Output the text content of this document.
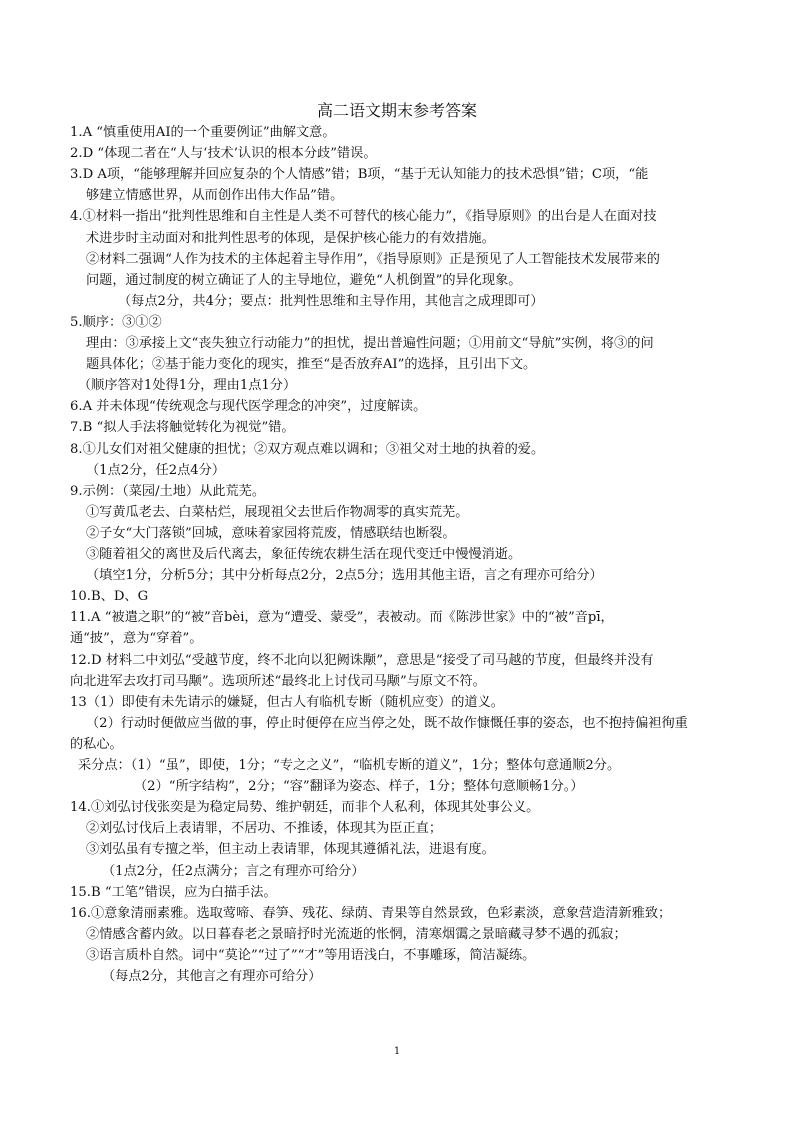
高二语文期末参考答案
1.A “慎重使用AI的一个重要例证”曲解文意。
2.D “体现二者在“人与‘技术’认识的根本分歧”错误。
3.D A项，“能够理解并回应复杂的个人情感”错；B项，“基于无认知能力的技术恐惧”错；C项，“能
够建立情感世界，从而创作出伟大作品”错。
4.①材料一指出“批判性思维和自主性是人类不可替代的核心能力”，《指导原则》的出台是人在面对技
术进步时主动面对和批判性思考的体现，是保护核心能力的有效措施。
②材料二强调“人作为技术的主体起着主导作用”，《指导原则》正是预见了人工智能技术发展带来的
问题，通过制度的树立确证了人的主导地位，避免“人机倒置”的异化现象。
（每点2分，共4分；要点：批判性思维和主导作用，其他言之成理即可）
5.顺序：③①②
理由：③承接上文“丧失独立行动能力”的担忧，提出普遍性问题；①用前文“导航”实例，将③的问
题具体化；②基于能力变化的现实，推至“是否放弃AI”的选择，且引出下文。
（顺序答对1处得1分，理由1点1分）
6.A 并未体现“传统观念与现代医学理念的冲突”，过度解读。
7.B “拟人手法将触觉转化为视觉”错。
8.①儿女们对祖父健康的担忧；②双方观点难以调和；③祖父对土地的执着的爱。
（1点2分，任2点4分）
9.示例：（菜园/土地）从此荒芜。
①写黄瓜老去、白菜枯烂，展现祖父去世后作物凋零的真实荒芜。
②子女“大门落锁”回城，意味着家园将荒废，情感联结也断裂。
③随着祖父的离世及后代离去，象征传统农耕生活在现代变迁中慢慢消逝。
（填空1分，分析5分；其中分析每点2分，2点5分；选用其他主语，言之有理亦可给分）
10.B、D、G
11.A “被遣之职”的“被”音bèi，意为“遭受、蒙受”，表被动。而《陈涉世家》中的“被”音pī，
通“披”，意为“穿着”。
12.D 材料二中刘弘“受越节度，终不北向以犯阙诛颙”，意思是“接受了司马越的节度，但最终并没有
向北进军去攻打司马颙”。选项所述“最终北上讨伐司马颙”与原文不符。
13（1）即使有未先请示的嫌疑，但古人有临机专断（随机应变）的道义。
（2）行动时便做应当做的事，停止时便停在应当停之处，既不故作慷慨任事的姿态，也不抱持偏袒徇重
的私心。
采分点：（1）“虽”，即使，1分；“专之之义”，“临机专断的道义”，1分；整体句意通顺2分。
（2）“所字结构”，2分；“容”翻译为姿态、样子，1分；整体句意顺畅1分。）
14.①刘弘讨伐张奕是为稳定局势、维护朝廷，而非个人私利，体现其处事公义。
②刘弘讨伐后上表请罪，不居功、不推诿，体现其为臣正直；
③刘弘虽有专擅之举，但主动上表请罪，体现其遵循礼法，进退有度。
（1点2分，任2点满分；言之有理亦可给分）
15.B “工笔”错误，应为白描手法。
16.①意象清丽素雅。选取莺啼、春笋、残花、绿荫、青果等自然景致，色彩素淡，意象营造清新雅致；
②情感含蓄内敛。以日暮春老之景暗抒时光流逝的怅惘，清寒烟霭之景暗藏寻梦不遇的孤寂；
③语言质朴自然。词中“莫论”“过了”“才”等用语浅白，不事雕琢，简洁凝练。
（每点2分，其他言之有理亦可给分）
1
